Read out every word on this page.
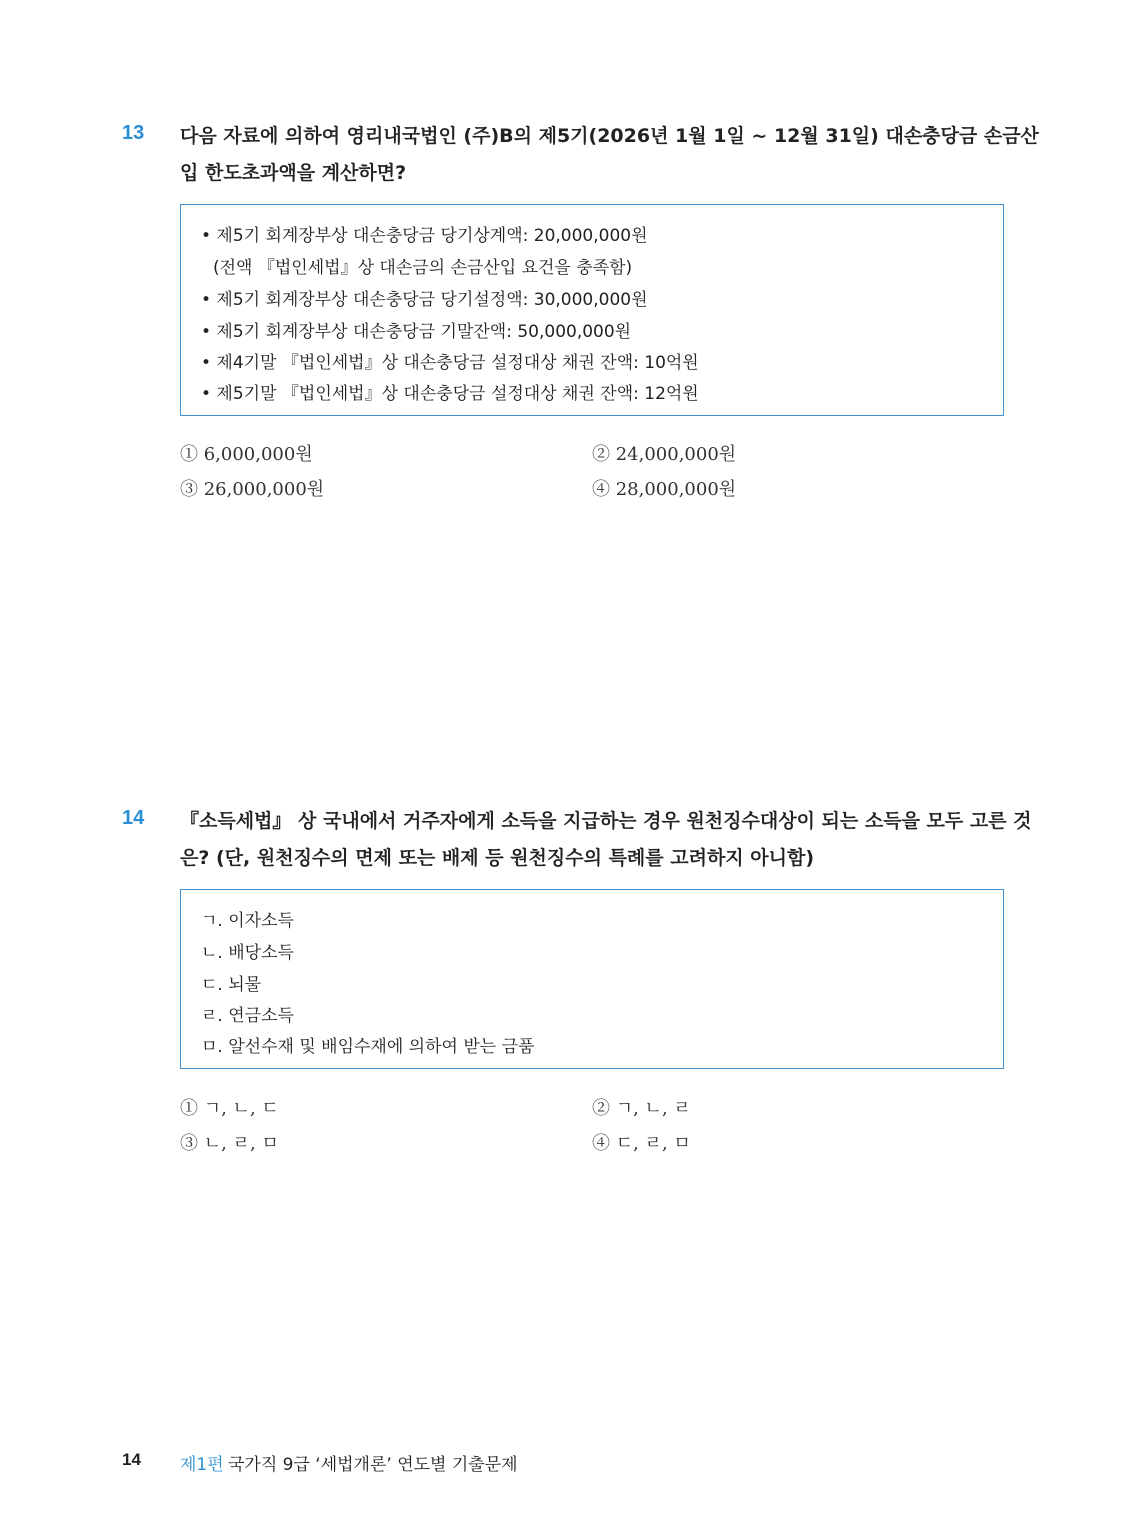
13 다음 자료에 의하여 영리내국법인 (주)B의 제5기(2026년 1월 1일 ~ 12월 31일) 대손충당금 손금산
입 한도초과액을 계산하면?
• 제5기 회계장부상 대손충당금 당기상계액: 20,000,000원
(전액 『법인세법』상 대손금의 손금산입 요건을 충족함)
• 제5기 회계장부상 대손충당금 당기설정액: 30,000,000원
• 제5기 회계장부상 대손충당금 기말잔액: 50,000,000원
• 제4기말 『법인세법』상 대손충당금 설정대상 채권 잔액: 10억원
• 제5기말 『법인세법』상 대손충당금 설정대상 채권 잔액: 12억원
① 6,000,000원	② 24,000,000원
③ 26,000,000원	④ 28,000,000원
14 『소득세법』 상 국내에서 거주자에게 소득을 지급하는 경우 원천징수대상이 되는 소득을 모두 고른 것
은? (단, 원천징수의 면제 또는 배제 등 원천징수의 특례를 고려하지 아니함)
ㄱ. 이자소득
ㄴ. 배당소득
ㄷ. 뇌물
ㄹ. 연금소득
ㅁ. 알선수재 및 배임수재에 의하여 받는 금품
① ㄱ, ㄴ, ㄷ	② ㄱ, ㄴ, ㄹ
③ ㄴ, ㄹ, ㅁ	④ ㄷ, ㄹ, ㅁ
14 제1편 국가직 9급 ‘세법개론’ 연도별 기출문제
